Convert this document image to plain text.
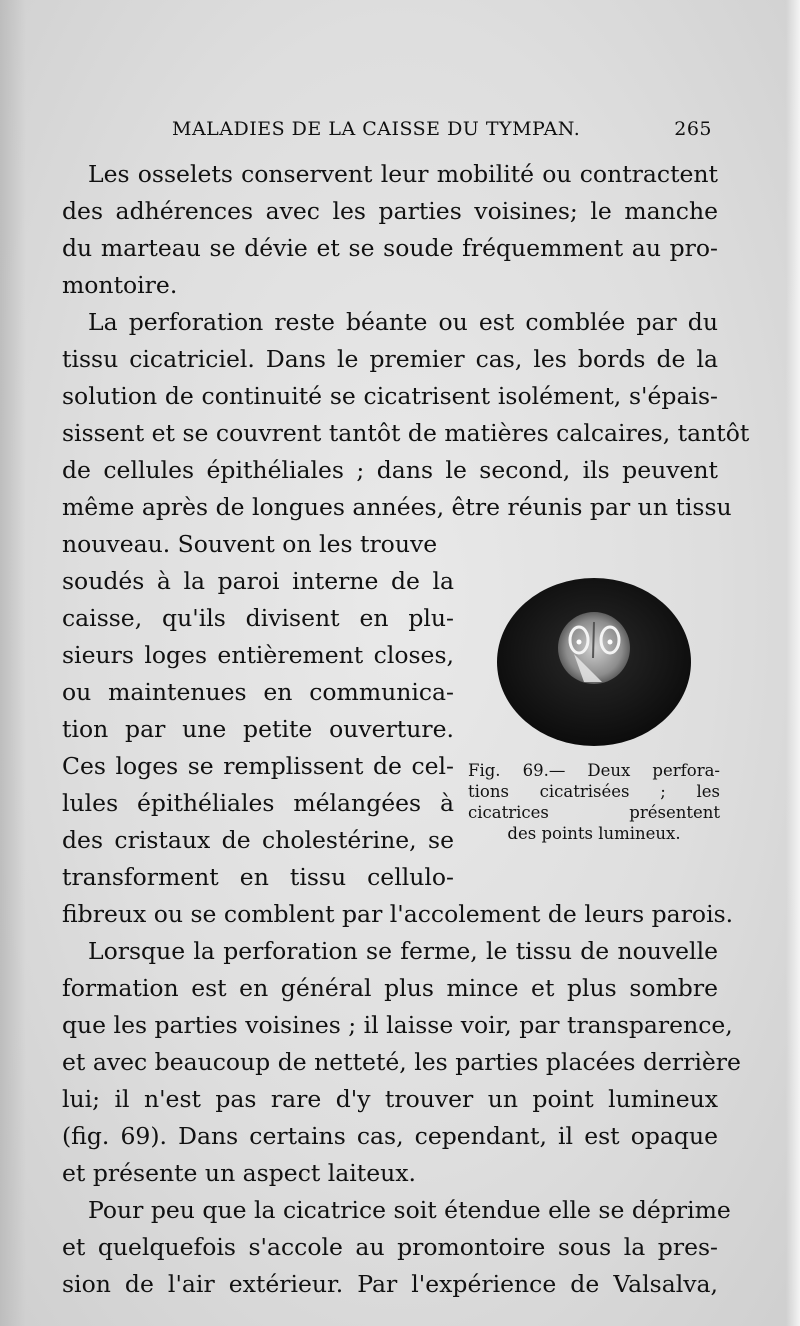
MALADIES DE LA CAISSE DU TYMPAN.	265
Les osselets conservent leur mobilité ou contractent
des adhérences avec les parties voisines; le manche
du marteau se dévie et se soude fréquemment au pro-
montoire.
La perforation reste béante ou est comblée par du
tissu cicatriciel. Dans le premier cas, les bords de la
solution de continuité se cicatrisent isolément, s'épais-
sissent et se couvrent tantôt de matières calcaires, tantôt
de cellules épithéliales ; dans le second, ils peuvent
même après de longues années, être réunis par un tissu
nouveau. Souvent on les trouve
soudés à la paroi interne de la
caisse, qu'ils divisent en plu-
sieurs loges entièrement closes,
ou maintenues en communica-
tion par une petite ouverture.
Ces loges se remplissent de cel-
lules épithéliales mélangées à
des cristaux de cholestérine, se
transforment en tissu cellulo-
fibreux ou se comblent par l'accolement de leurs parois.
Lorsque la perforation se ferme, le tissu de nouvelle
formation est en général plus mince et plus sombre
que les parties voisines ; il laisse voir, par transparence,
et avec beaucoup de netteté, les parties placées derrière
lui; il n'est pas rare d'y trouver un point lumineux
(fig. 69). Dans certains cas, cependant, il est opaque
et présente un aspect laiteux.
Pour peu que la cicatrice soit étendue elle se déprime
et quelquefois s'accole au promontoire sous la pres-
sion de l'air extérieur. Par l'expérience de Valsalva,
Fig. 69.— Deux perfora-
tions cicatrisées ; les
cicatrices présentent
des points lumineux.
